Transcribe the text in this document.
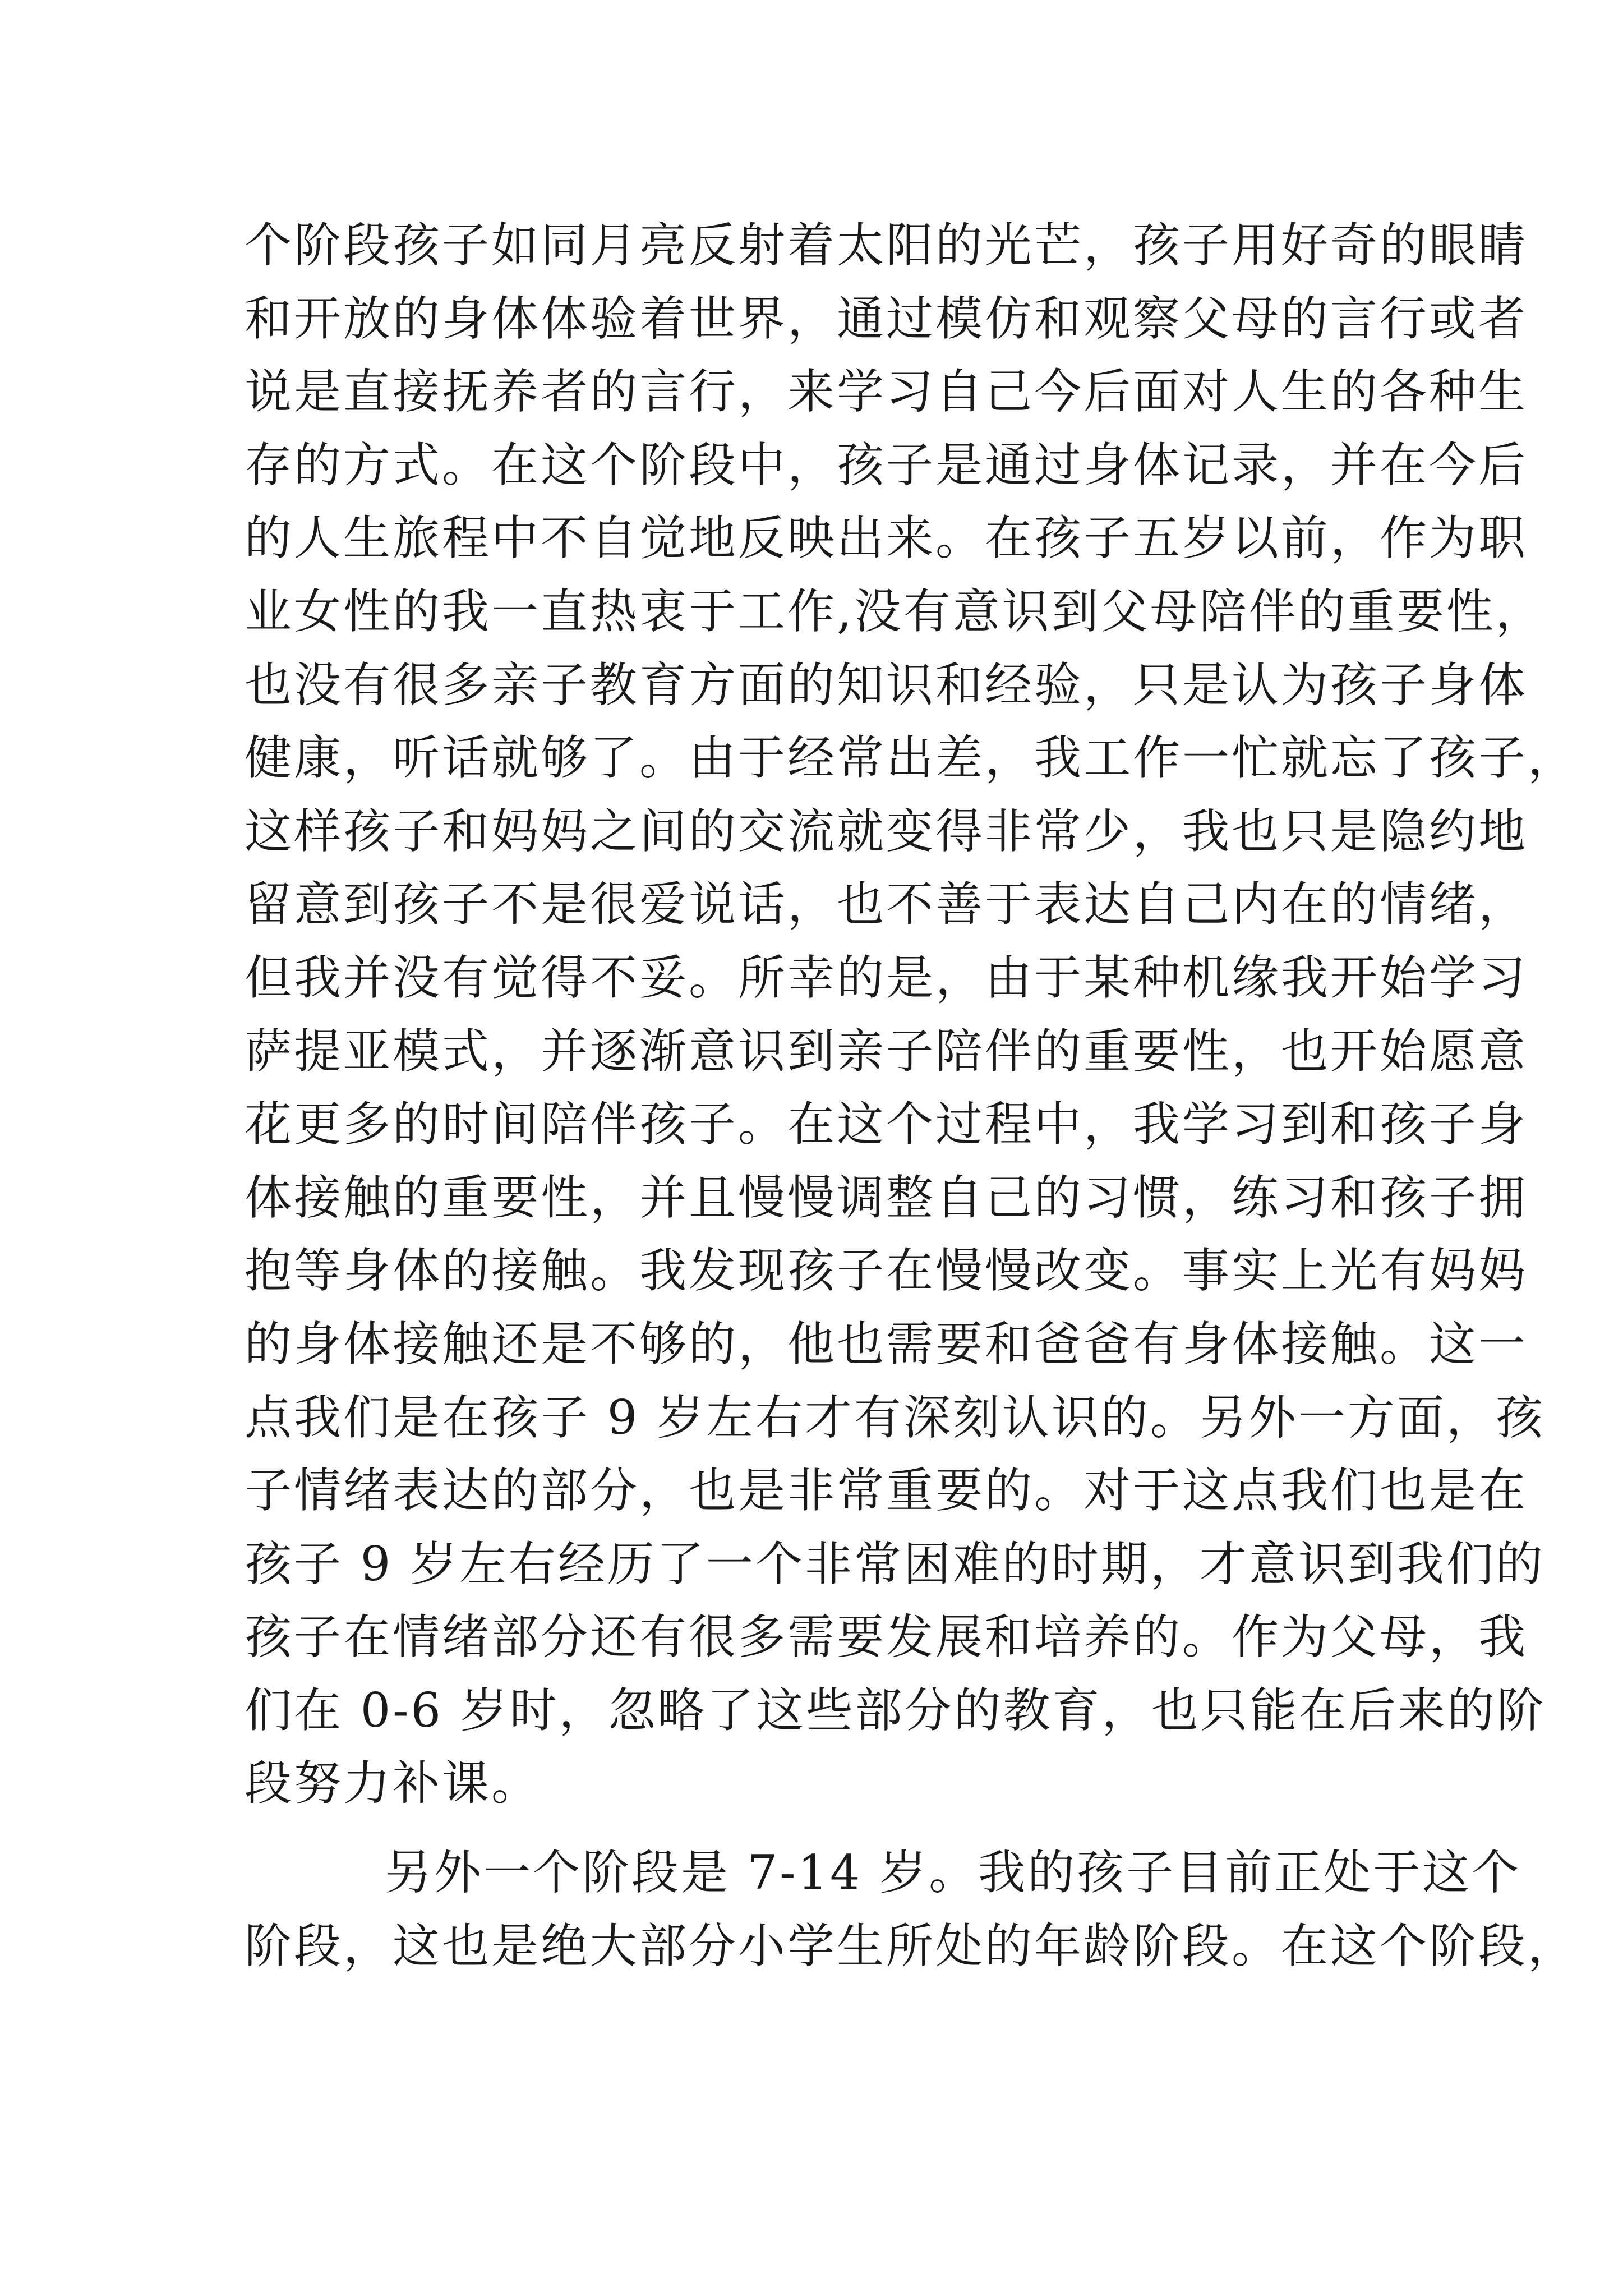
个阶段孩子如同月亮反射着太阳的光芒，孩子用好奇的眼睛
和开放的身体体验着世界，通过模仿和观察父母的言行或者
说是直接抚养者的言行，来学习自己今后面对人生的各种生
存的方式。在这个阶段中，孩子是通过身体记录，并在今后
的人生旅程中不自觉地反映出来。在孩子五岁以前，作为职
业女性的我一直热衷于工作,没有意识到父母陪伴的重要性，
也没有很多亲子教育方面的知识和经验，只是认为孩子身体
健康，听话就够了。由于经常出差，我工作一忙就忘了孩子，
这样孩子和妈妈之间的交流就变得非常少，我也只是隐约地
留意到孩子不是很爱说话，也不善于表达自己内在的情绪，
但我并没有觉得不妥。所幸的是，由于某种机缘我开始学习
萨提亚模式，并逐渐意识到亲子陪伴的重要性，也开始愿意
花更多的时间陪伴孩子。在这个过程中，我学习到和孩子身
体接触的重要性，并且慢慢调整自己的习惯，练习和孩子拥
抱等身体的接触。我发现孩子在慢慢改变。事实上光有妈妈
的身体接触还是不够的，他也需要和爸爸有身体接触。这一
点我们是在孩子 9 岁左右才有深刻认识的。另外一方面，孩
子情绪表达的部分，也是非常重要的。对于这点我们也是在
孩子 9 岁左右经历了一个非常困难的时期，才意识到我们的
孩子在情绪部分还有很多需要发展和培养的。作为父母，我
们在 0-6 岁时，忽略了这些部分的教育，也只能在后来的阶
段努力补课。
另外一个阶段是 7-14 岁。我的孩子目前正处于这个
阶段，这也是绝大部分小学生所处的年龄阶段。在这个阶段，
